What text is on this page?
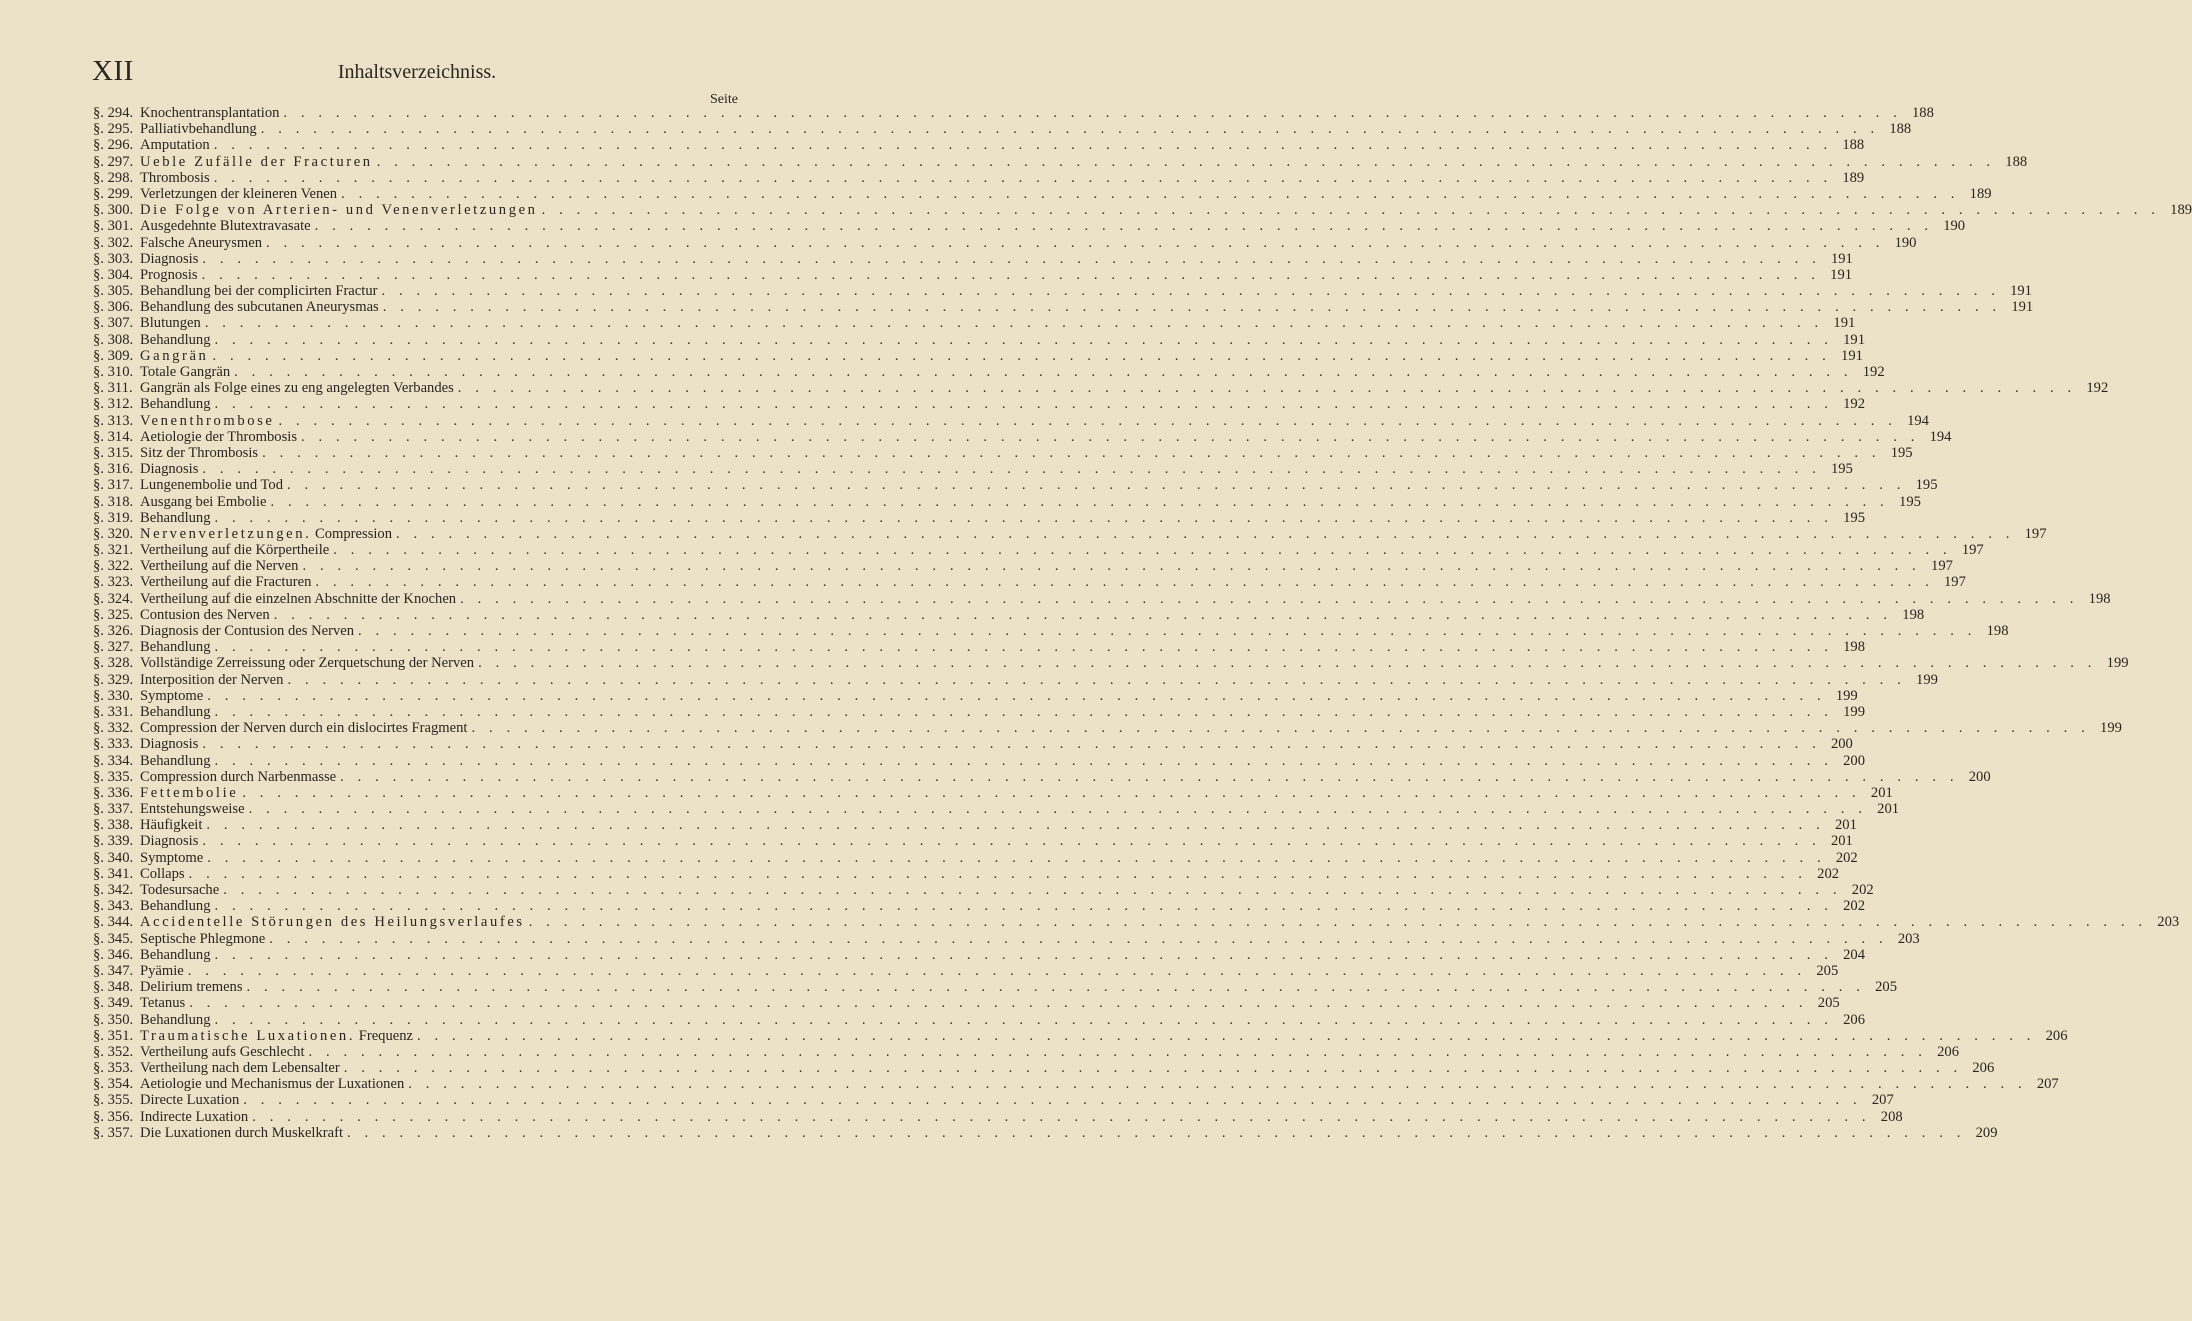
XII	Inhaltsverzeichniss.
Seite
§. 294. Knochentransplantation . . .	188
§. 295. Palliativbehandlung . . .	188
§. 296. Amputation . . .	188
§. 297. Ueble Zufälle der Fracturen . . .	188
§. 298. Thrombosis . . .	189
§. 299. Verletzungen der kleineren Venen . . .	189
§. 300. Die Folge von Arterien- und Venenverletzungen . . .	189
§. 301. Ausgedehnte Blutextravasate . . .	190
§. 302. Falsche Aneurysmen . . .	190
§. 303. Diagnosis . . .	191
§. 304. Prognosis . . .	191
§. 305. Behandlung bei der complicirten Fractur . . .	191
§. 306. Behandlung des subcutanen Aneurysmas . . .	191
§. 307. Blutungen . . .	191
§. 308. Behandlung . . .	191
§. 309. Gangrän . . .	191
§. 310. Totale Gangrän . . .	192
§. 311. Gangrän als Folge eines zu eng angelegten Verbandes . . .	192
§. 312. Behandlung . . .	192
§. 313. Venenthrombose . . .	194
§. 314. Aetiologie der Thrombosis . . .	194
§. 315. Sitz der Thrombosis . . .	195
§. 316. Diagnosis . . .	195
§. 317. Lungenembolie und Tod . . .	195
§. 318. Ausgang bei Embolie . . .	195
§. 319. Behandlung . . .	195
§. 320. Nervenverletzungen. Compression . . .	197
§. 321. Vertheilung auf die Körpertheile . . .	197
§. 322. Vertheilung auf die Nerven . . .	197
§. 323. Vertheilung auf die Fracturen . . .	197
§. 324. Vertheilung auf die einzelnen Abschnitte der Knochen . . .	198
§. 325. Contusion des Nerven . . .	198
§. 326. Diagnosis der Contusion des Nerven . . .	198
§. 327. Behandlung . . .	198
§. 328. Vollständige Zerreissung oder Zerquetschung der Nerven . . .	199
§. 329. Interposition der Nerven . . .	199
§. 330. Symptome . . .	199
§. 331. Behandlung . . .	199
§. 332. Compression der Nerven durch ein dislocirtes Fragment . . .	199
§. 333. Diagnosis . . .	200
§. 334. Behandlung . . .	200
§. 335. Compression durch Narbenmasse . . .	200
§. 336. Fettembolie . . .	201
§. 337. Entstehungsweise . . .	201
§. 338. Häufigkeit . . .	201
§. 339. Diagnosis . . .	201
§. 340. Symptome . . .	202
§. 341. Collaps . . .	202
§. 342. Todesursache . . .	202
§. 343. Behandlung . . .	202
§. 344. Accidentelle Störungen des Heilungsverlaufes . . .	203
§. 345. Septische Phlegmone . . .	203
§. 346. Behandlung . . .	204
§. 347. Pyämie . . .	205
§. 348. Delirium tremens . . .	205
§. 349. Tetanus . . .	205
§. 350. Behandlung . . .	206
§. 351. Traumatische Luxationen. Frequenz . . .	206
§. 352. Vertheilung aufs Geschlecht . . .	206
§. 353. Vertheilung nach dem Lebensalter . . .	206
§. 354. Aetiologie und Mechanismus der Luxationen . . .	207
§. 355. Directe Luxation . . .	207
§. 356. Indirecte Luxation . . .	208
§. 357. Die Luxationen durch Muskelkraft . . .	209
